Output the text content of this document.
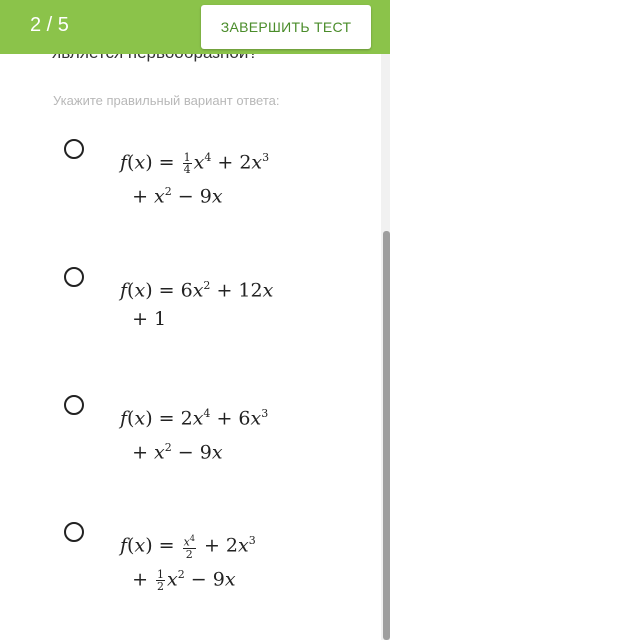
2 / 5	ЗАВЕРШИТЬ ТЕСТ
Укажите правильный вариант ответа:
$f(x) = \frac{1}{4} x^4 + 2x^3$
+ $x^2 - 9x$
$f(x) = 6x^2 + 12x$
+ 1
$f(x) = 2x^4 + 6x^3$
+ $x^2 - 9x$
$f(x) = \frac{x^4}{2} + 2x^3$
+ $\frac{1}{2} x^2 - 9x$
